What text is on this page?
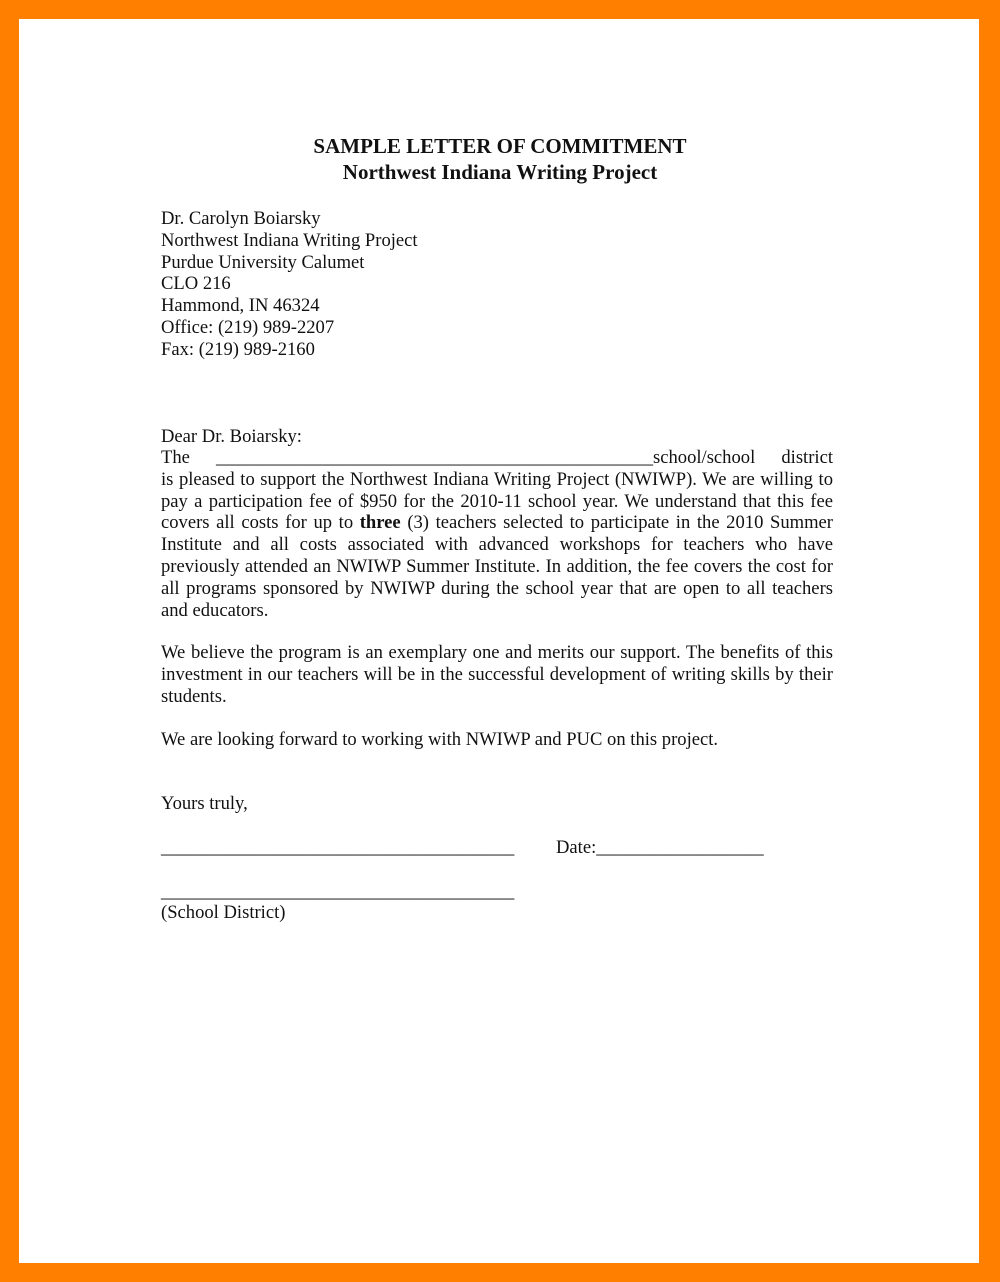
SAMPLE LETTER OF COMMITMENT
Northwest Indiana Writing Project
Dr. Carolyn Boiarsky
Northwest Indiana Writing Project
Purdue University Calumet
CLO 216
Hammond, IN 46324
Office: (219) 989-2207
Fax: (219) 989-2160
Dear Dr. Boiarsky:
The _______________________________________________school/school district
is pleased to support the Northwest Indiana Writing Project (NWIWP). We are willing to
pay a participation fee of $950 for the 2010-11 school year. We understand that this fee
covers all costs for up to three (3) teachers selected to participate in the 2010 Summer
Institute and all costs associated with advanced workshops for teachers who have
previously attended an NWIWP Summer Institute. In addition, the fee covers the cost for
all programs sponsored by NWIWP during the school year that are open to all teachers
and educators.
We believe the program is an exemplary one and merits our support. The benefits of this
investment in our teachers will be in the successful development of writing skills by their
students.
We are looking forward to working with NWIWP and PUC on this project.
Yours truly,
______________________________________ Date:__________________
______________________________________
(School District)
